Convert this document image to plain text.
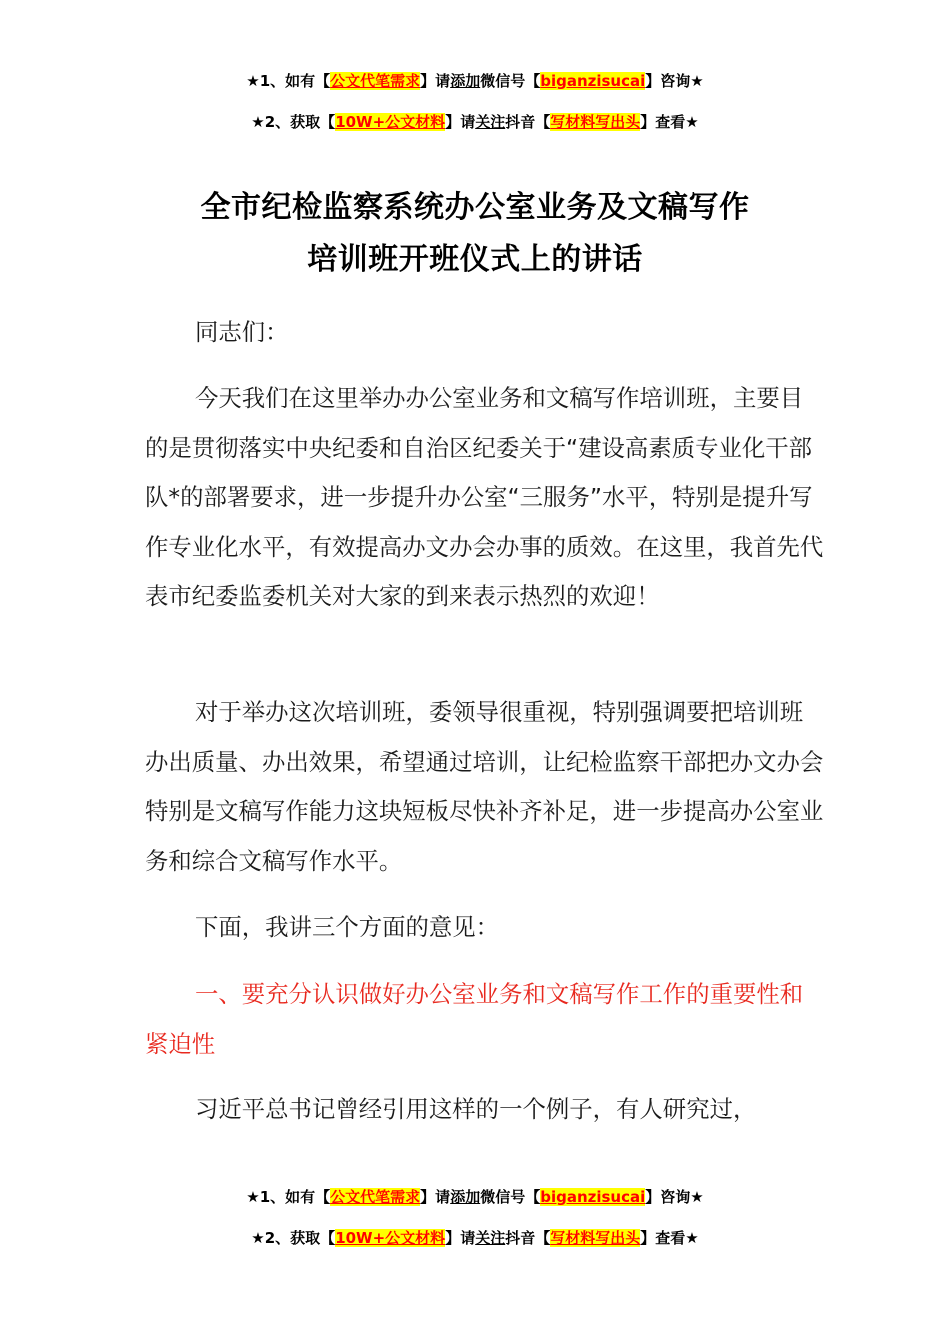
★1、如有【公文代笔需求】请添加微信号【biganzisucai】咨询★
★2、获取【10W+公文材料】请关注抖音【写材料写出头】查看★
全市纪检监察系统办公室业务及文稿写作
培训班开班仪式上的讲话

同志们：

今天我们在这里举办办公室业务和文稿写作培训班，主要目的是贯彻落实中央纪委和自治区纪委关于“建设高素质专业化干部队*的部署要求，进一步提升办公室“三服务”水平，特别是提升写作专业化水平，有效提高办文办会办事的质效。在这里，我首先代表市纪委监委机关对大家的到来表示热烈的欢迎！

对于举办这次培训班，委领导很重视，特别强调要把培训班办出质量、办出效果，希望通过培训，让纪检监察干部把办文办会特别是文稿写作能力这块短板尽快补齐补足，进一步提高办公室业务和综合文稿写作水平。

下面，我讲三个方面的意见：

一、要充分认识做好办公室业务和文稿写作工作的重要性和紧迫性

习近平总书记曾经引用这样的一个例子，有人研究过，

★1、如有【公文代笔需求】请添加微信号【biganzisucai】咨询★
★2、获取【10W+公文材料】请关注抖音【写材料写出头】查看★
